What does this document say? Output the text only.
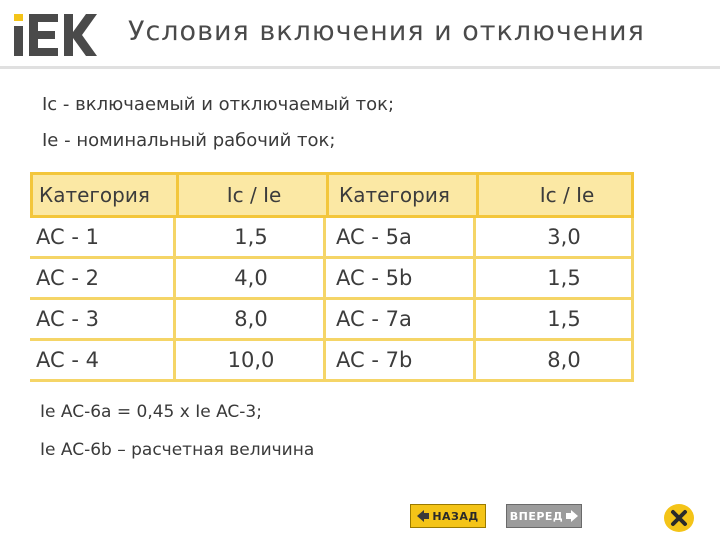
Условия включения и отключения
Ic - включаемый и отключаемый ток;
Ie - номинальный рабочий ток;
Категория	Ic / Ie	Категория	Ic / Ie
AC - 1	1,5	AC - 5a	3,0
AC - 2	4,0	AC - 5b	1,5
AC - 3	8,0	AC - 7a	1,5
AC - 4	10,0	AC - 7b	8,0
Ie AC-6a = 0,45 x Ie AC-3;
Ie AC-6b – расчетная величина
НАЗАД	ВПЕРЕД
